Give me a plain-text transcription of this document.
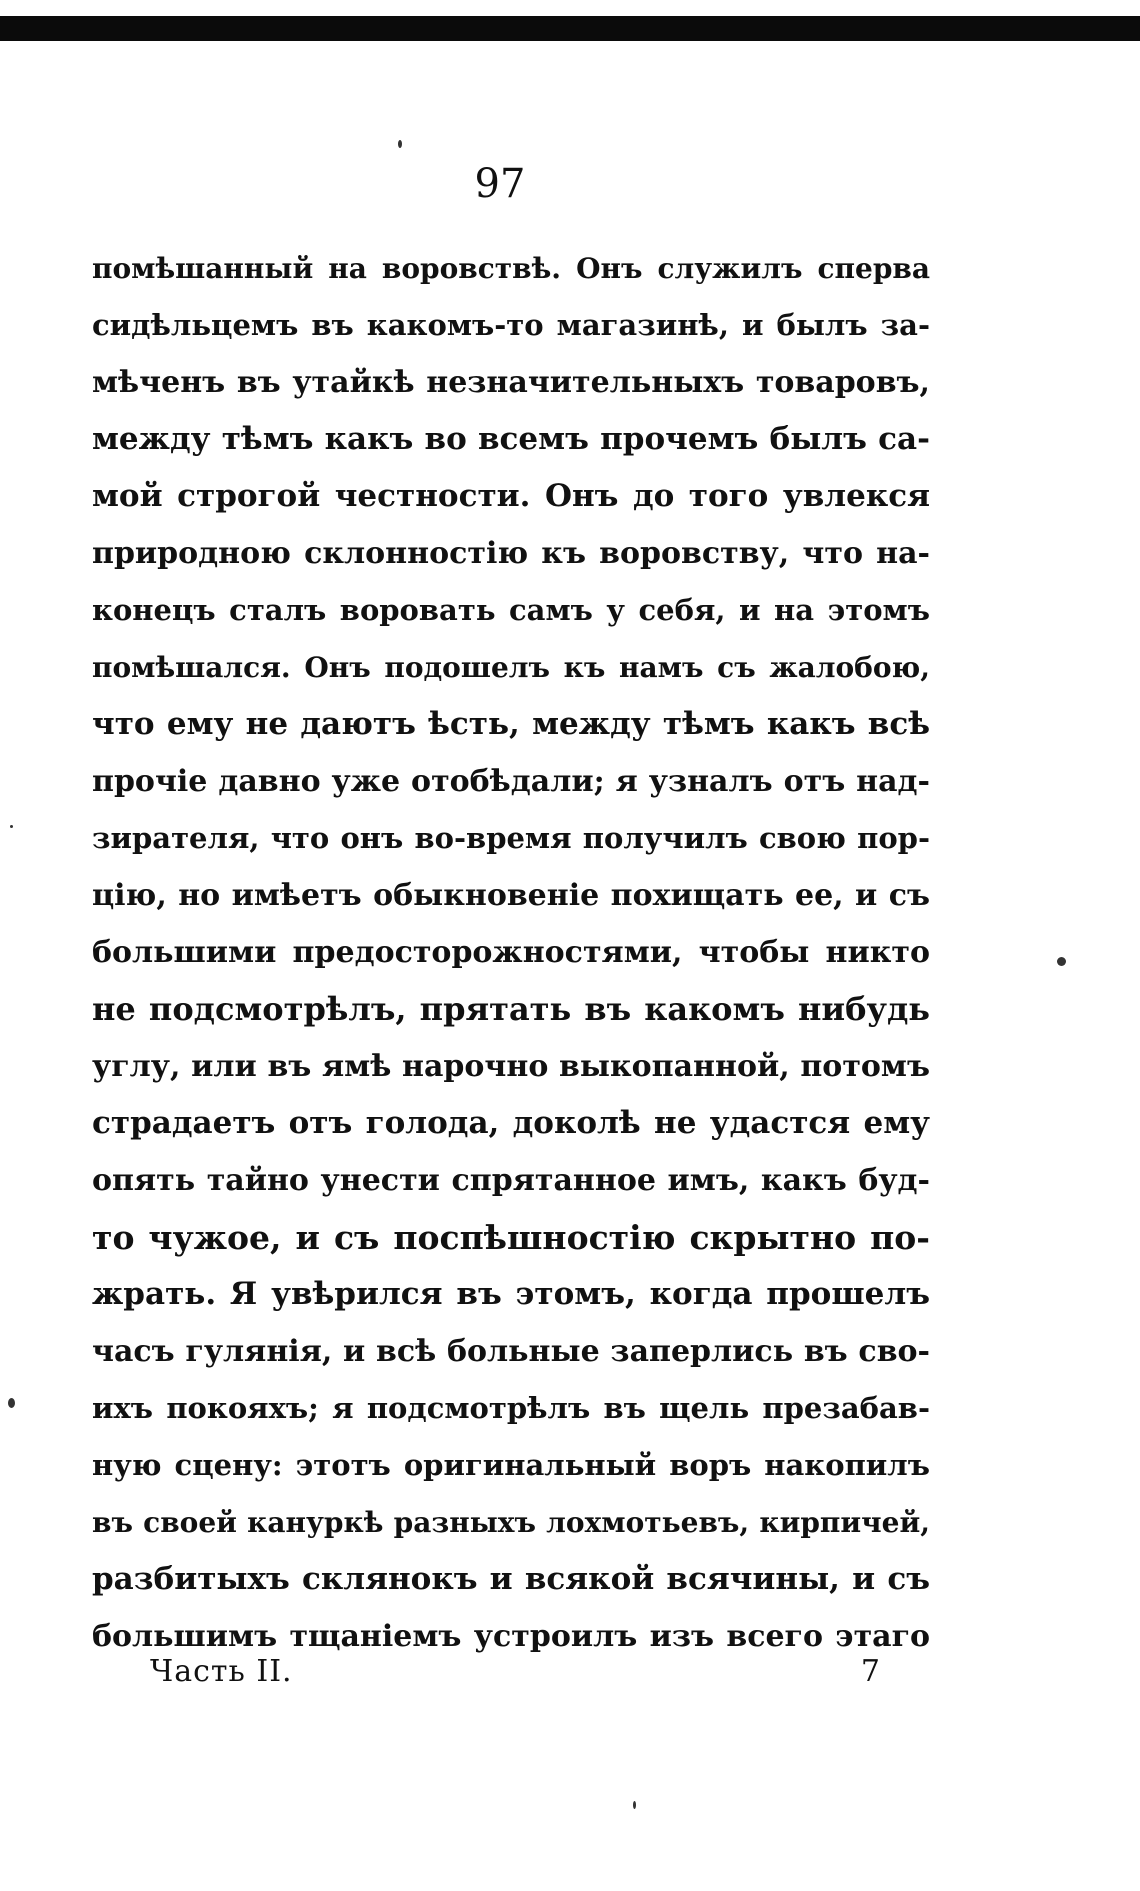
97
помѣшанный на воровствѣ. Онъ служилъ сперва
сидѣльцемъ въ какомъ-то магазинѣ, и былъ за-
мѣченъ въ утайкѣ незначительныхъ товаровъ,
между тѣмъ какъ во всемъ прочемъ былъ са-
мой строгой честности. Онъ до того увлекся
природною склонностію къ воровству, что на-
конецъ сталъ воровать самъ у себя, и на этомъ
помѣшался. Онъ подошелъ къ намъ съ жалобою,
что ему не даютъ ѣсть, между тѣмъ какъ всѣ
прочіе давно уже отобѣдали; я узналъ отъ над-
зирателя, что онъ во-время получилъ свою пор-
цію, но имѣетъ обыкновеніе похищать ее, и съ
большими предосторожностями, чтобы никто
не подсмотрѣлъ, прятать въ какомъ нибудь
углу, или въ ямѣ нарочно выкопанной, потомъ
страдаетъ отъ голода, доколѣ не удастся ему
опять тайно унести спрятанное имъ, какъ буд-
то чужое, и съ поспѣшностію скрытно по-
жрать. Я увѣрился въ этомъ, когда прошелъ
часъ гулянія, и всѣ больные заперлись въ сво-
ихъ покояхъ; я подсмотрѣлъ въ щель презабав-
ную сцену: этотъ оригинальный воръ накопилъ
въ своей кануркѣ разныхъ лохмотьевъ, кирпичей,
разбитыхъ склянокъ и всякой всячины, и съ
большимъ тщаніемъ устроилъ изъ всего этаго
Часть II.	7
